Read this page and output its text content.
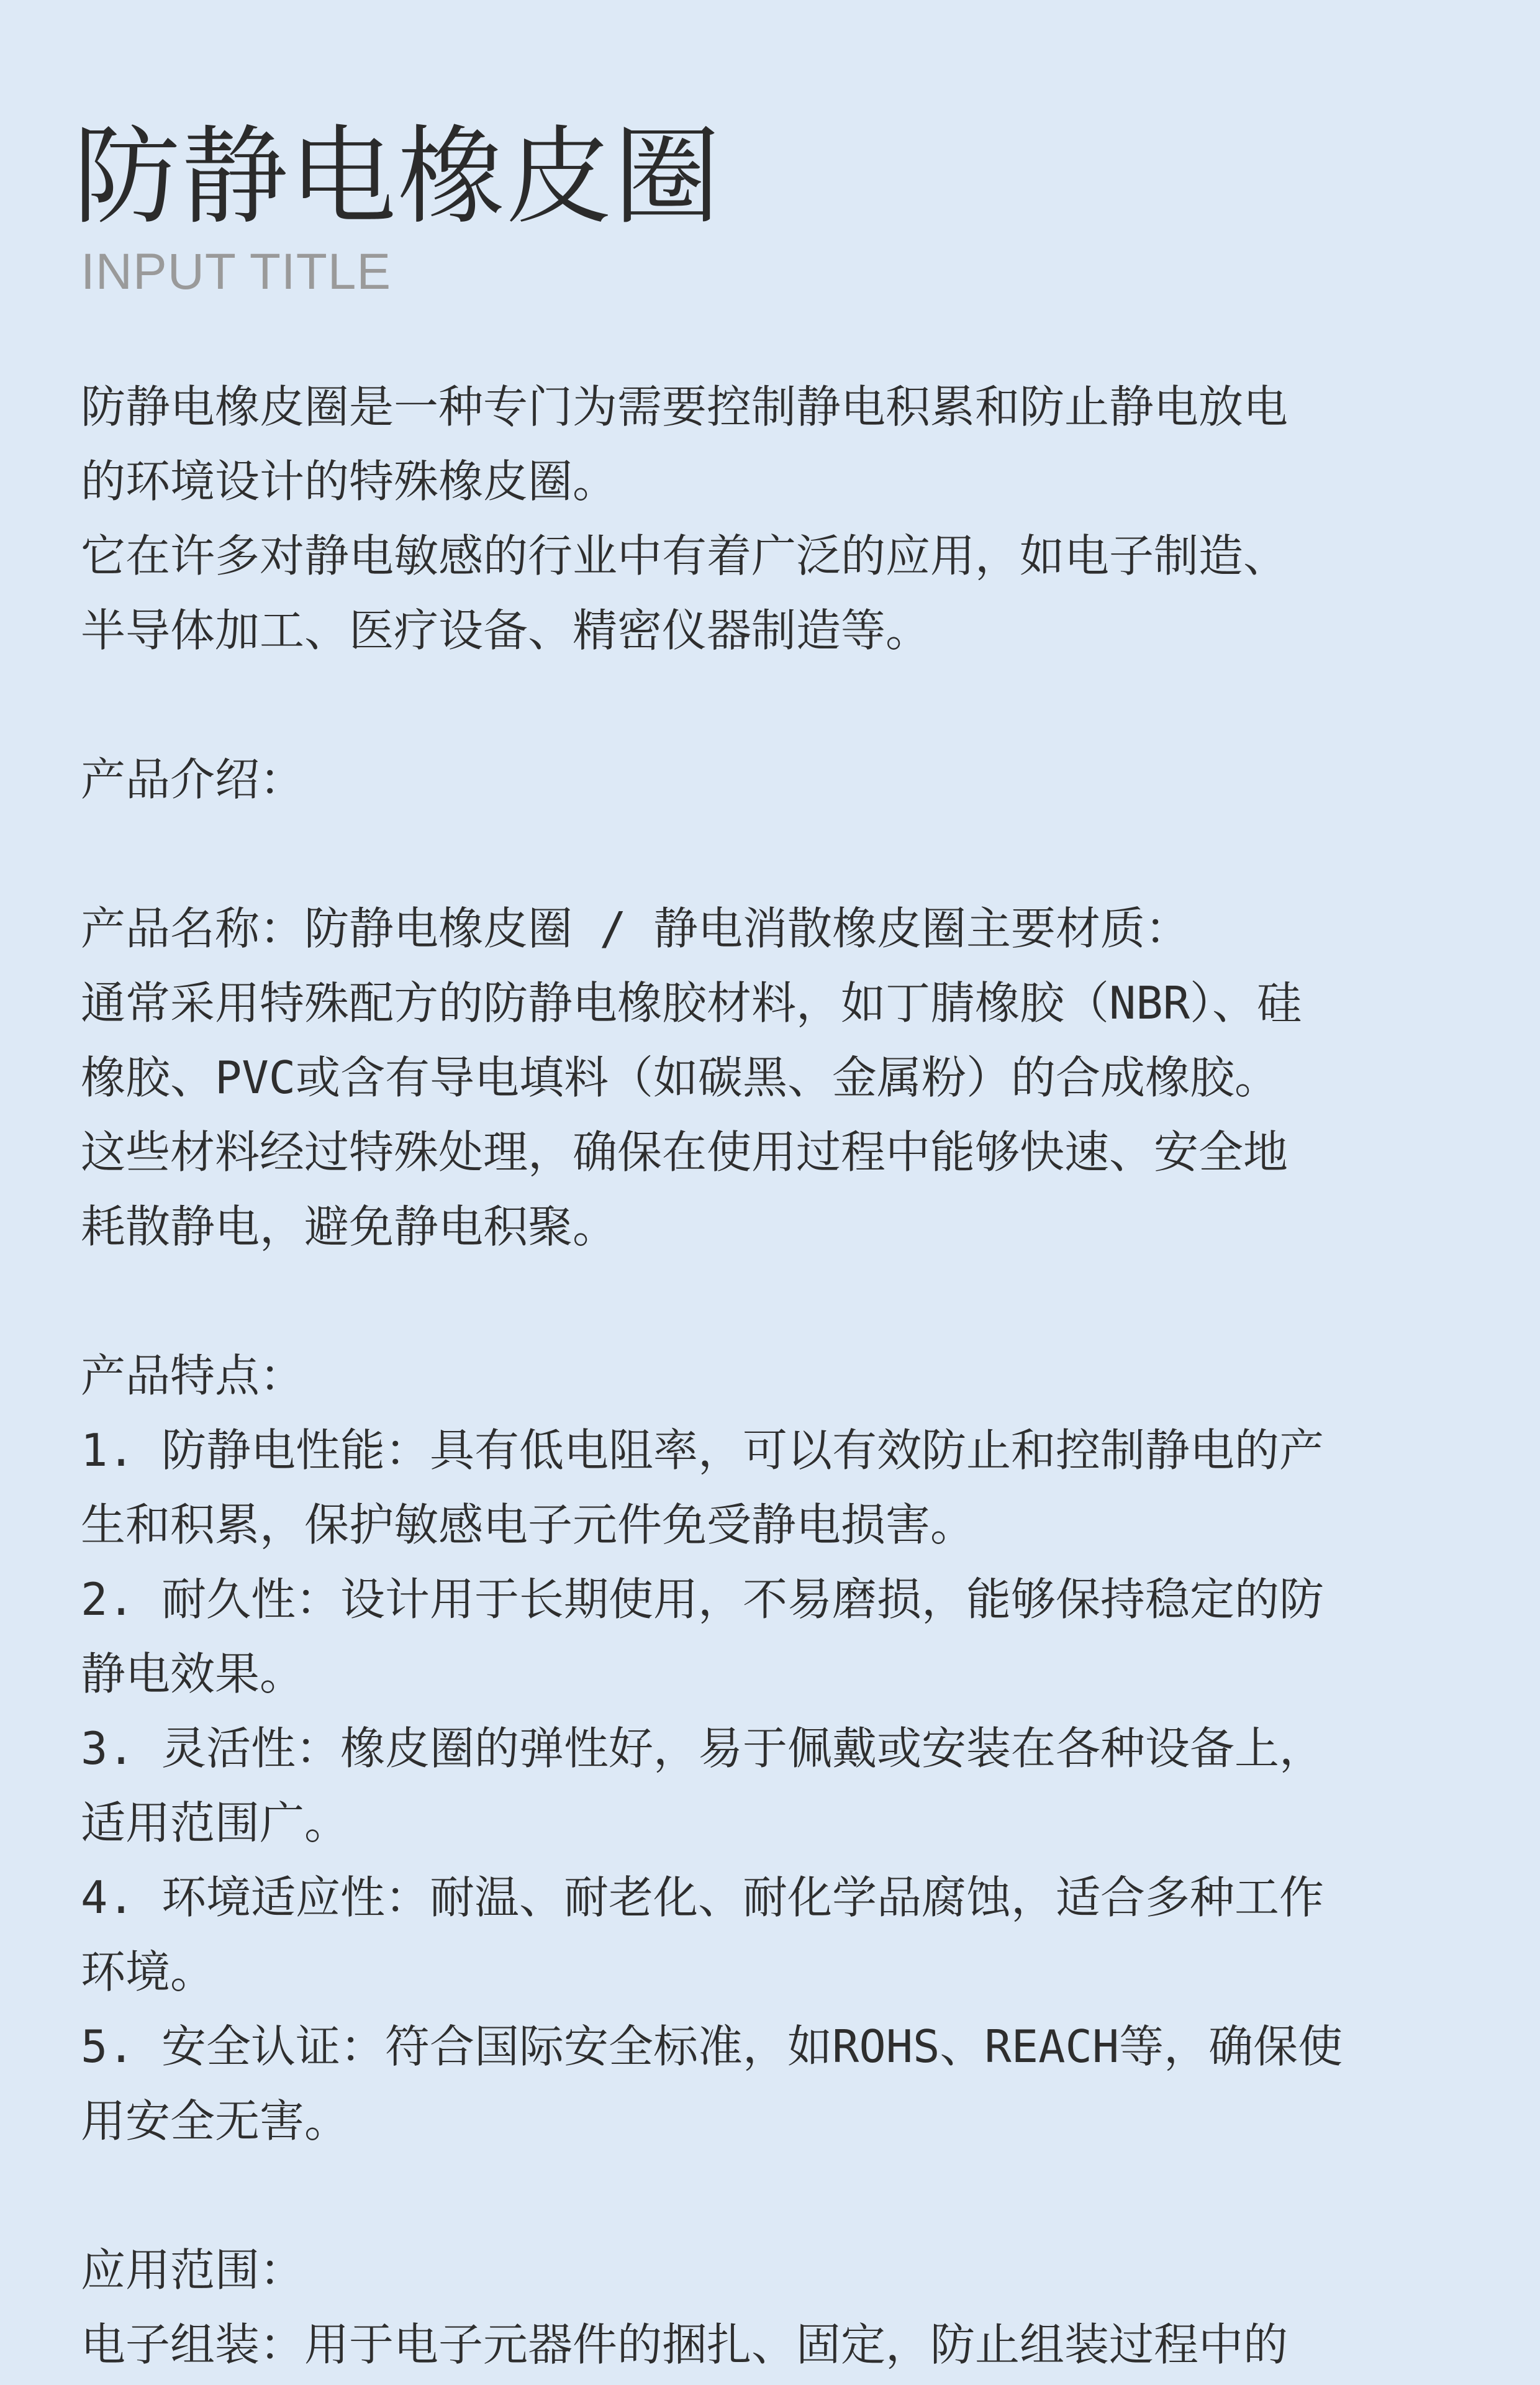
防静电橡皮圈
INPUT TITLE
防静电橡皮圈是一种专门为需要控制静电积累和防止静电放电
的环境设计的特殊橡皮圈。
它在许多对静电敏感的行业中有着广泛的应用，如电子制造、
半导体加工、医疗设备、精密仪器制造等。
产品介绍：
产品名称：防静电橡皮圈 / 静电消散橡皮圈主要材质：
通常采用特殊配方的防静电橡胶材料，如丁腈橡胶（NBR）、硅
橡胶、PVC或含有导电填料（如碳黑、金属粉）的合成橡胶。
这些材料经过特殊处理，确保在使用过程中能够快速、安全地
耗散静电，避免静电积聚。
产品特点：
1. 防静电性能：具有低电阻率，可以有效防止和控制静电的产
生和积累，保护敏感电子元件免受静电损害。
2. 耐久性：设计用于长期使用，不易磨损，能够保持稳定的防
静电效果。
3. 灵活性：橡皮圈的弹性好，易于佩戴或安装在各种设备上，
适用范围广。
4. 环境适应性：耐温、耐老化、耐化学品腐蚀，适合多种工作
环境。
5. 安全认证：符合国际安全标准，如ROHS、REACH等，确保使
用安全无害。
应用范围：
电子组装：用于电子元器件的捆扎、固定，防止组装过程中的
